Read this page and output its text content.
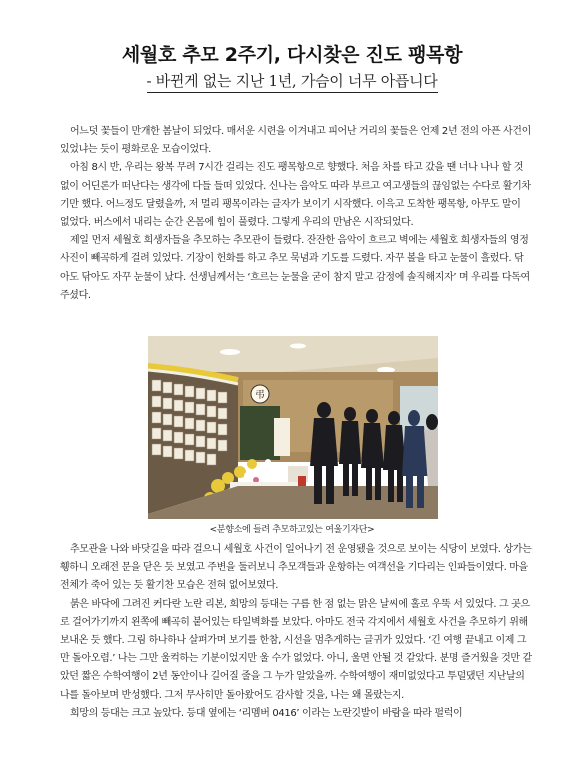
세월호 추모 2주기, 다시찾은 진도 팽목항
- 바뀐게 없는 지난 1년, 가슴이 너무 아픕니다

어느덧 꽃들이 만개한 봄날이 되었다. 매서운 시련을 이겨내고 피어난 거리의 꽃들은 언제 2년 전의 아픈 사건이 있었냐는 듯이 평화로운 모습이었다.

아침 8시 반, 우리는 왕복 무려 7시간 걸리는 진도 팽목항으로 향했다. 처음 차를 타고 갔을 땐 너나 나나 할 것 없이 어딘론가 떠난다는 생각에 다들 들떠 있었다. 신나는 음악도 따라 부르고 여고생들의 끊임없는 수다로 활기차기만 했다. 어느정도 달렸을까, 저 멀리 팽목이라는 글자가 보이기 시작했다. 이윽고 도착한 팽목항, 아무도 말이 없었다. 버스에서 내리는 순간 온몸에 힘이 풀렸다. 그렇게 우리의 만남은 시작되었다.

제일 먼저 세월호 희생자들을 추모하는 추모관이 들렸다. 잔잔한 음악이 흐르고 벽에는 세월호 희생자들의 영정사진이 빼곡하게 걸려 있었다. 기장이 헌화를 하고 추모 묵념과 기도를 드렸다. 자꾸 볼을 타고 눈물이 흘렀다. 닦아도 닦아도 자꾸 눈물이 났다. 선생님께서는 ‘흐르는 눈물을 굳이 참지 말고 감정에 솔직해지자’ 며 우리를 다독여 주셨다.

弔
<분향소에 들려 추모하고있는 여울기자단>

추모관을 나와 바닷길을 따라 걸으니 세월호 사건이 일어나기 전 운영됐을 것으로 보이는 식당이 보였다. 상가는 휑하니 오래전 문을 닫은 듯 보였고 주변을 둘러보니 추모객들과 운항하는 여객선을 기다리는 인파들이였다. 마을 전체가 죽어 있는 듯 활기찬 모습은 전혀 없어보였다.

붉은 바닥에 그려진 커다란 노란 리본, 희망의 등대는 구름 한 점 없는 맑은 날씨에 홀로 우뚝 서 있었다. 그 곳으로 걸어가기까지 왼쪽에 빼곡히 붙어있는 타일벽화를 보았다. 아마도 전국 각지에서 세월호 사건을 추모하기 위해 보내온 듯 했다. 그림 하나하나 살펴가며 보기를 한참, 시선을 멈추게하는 글귀가 있었다. ‘긴 여행 끝내고 이제 그만 돌아오렴.’ 나는 그만 울컥하는 기분이었지만 울 수가 없었다. 아니, 울면 안될 것 같았다. 분명 즐거웠을 것만 같았던 짧은 수학여행이 2년 동안이나 길어질 줄을 그 누가 알았을까. 수학여행이 재미없었다고 투덜댔던 지난날의 나를 돌아보며 반성했다. 그저 무사히만 돌아왔어도 감사할 것을, 나는 왜 몰랐는지.

희망의 등대는 크고 높았다. 등대 옆에는 ‘리멤버 0416’ 이라는 노란깃발이 바람을 따라 펄럭이
